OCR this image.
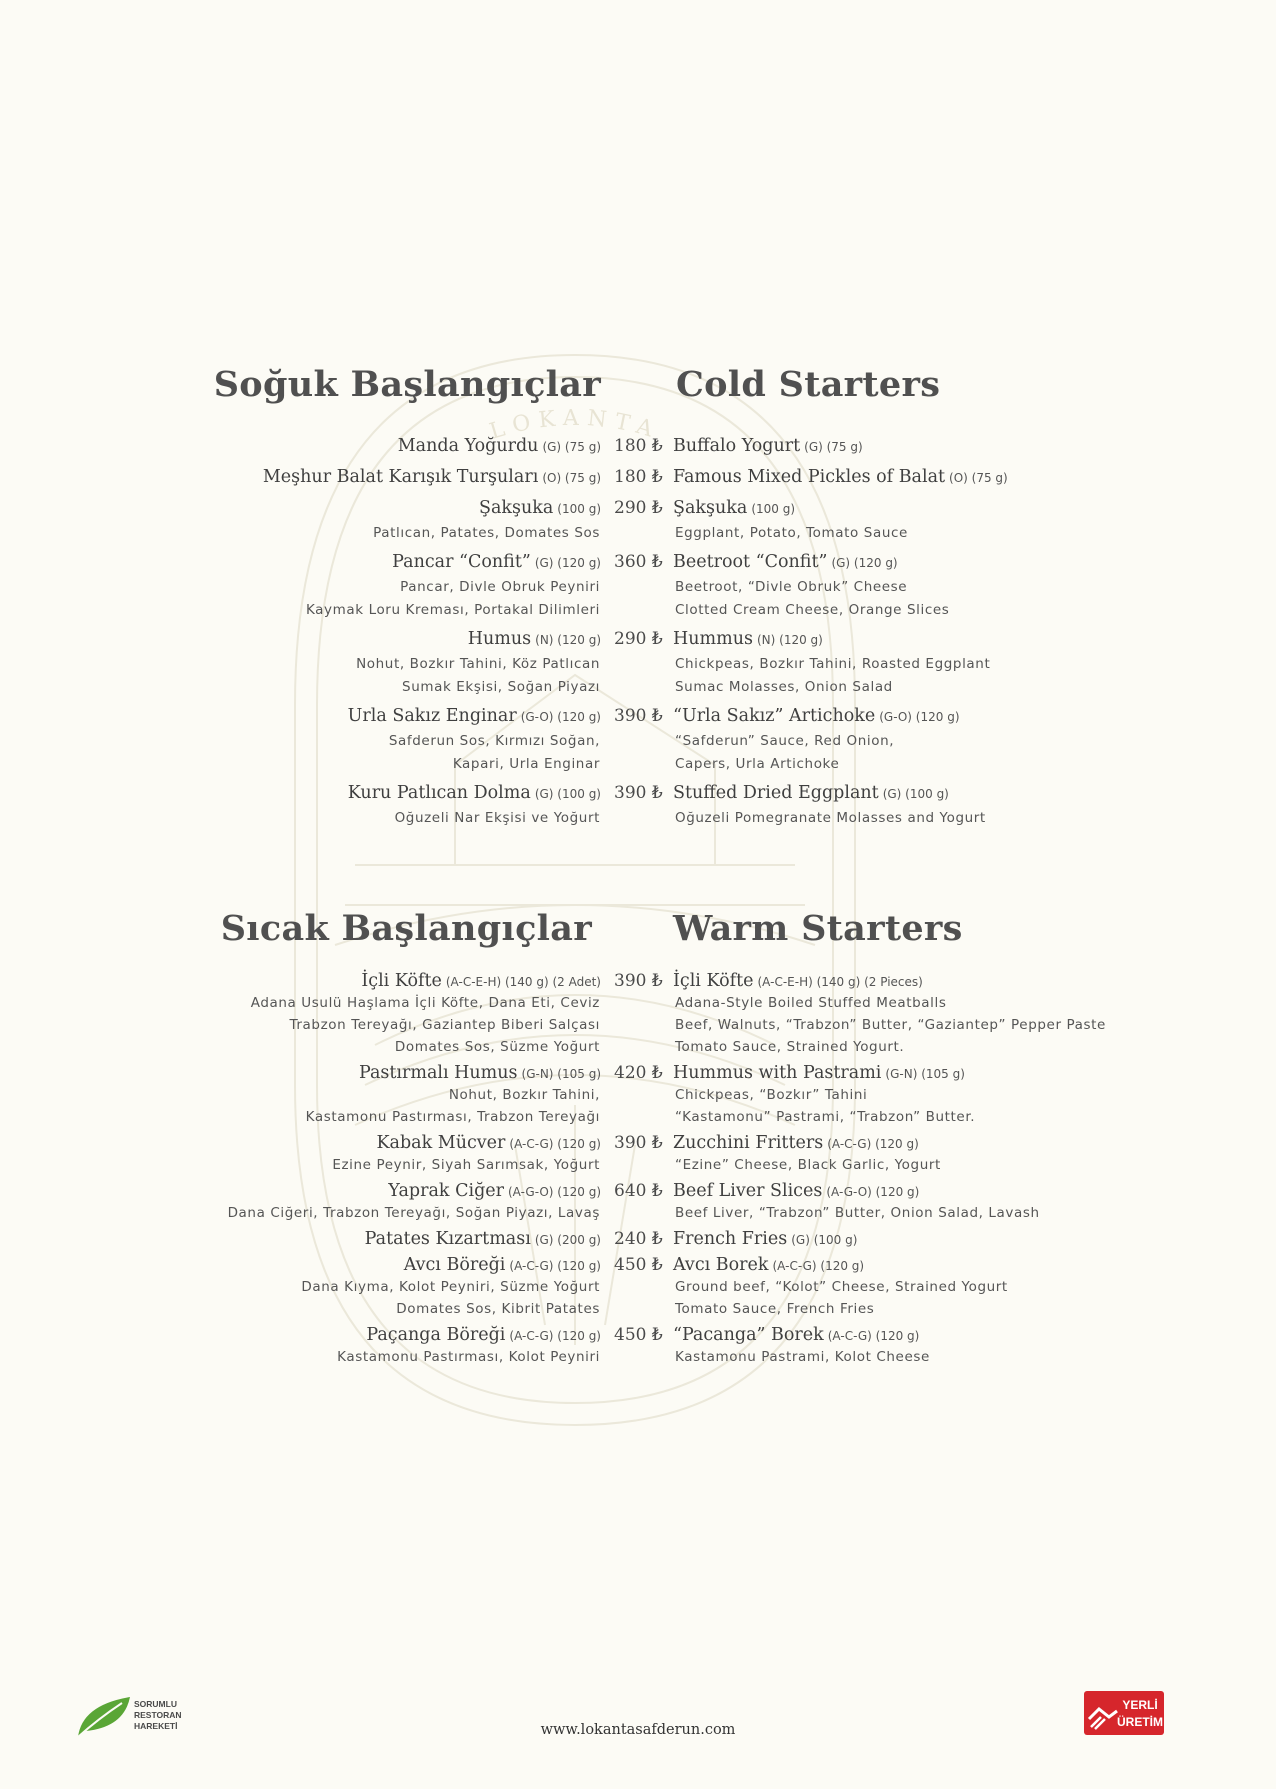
LOKANTA
Soğuk Başlangıçlar Cold Starters
Manda Yoğurdu (G) (75 g) 180 ₺ Buffalo Yogurt (G) (75 g)
Meşhur Balat Karışık Turşuları (O) (75 g) 180 ₺ Famous Mixed Pickles of Balat (O) (75 g)
Şakşuka (100 g) 290 ₺ Şakşuka (100 g)
Patlıcan, Patates, Domates Sos	Eggplant, Potato, Tomato Sauce
Pancar “Confit” (G) (120 g) 360 ₺ Beetroot “Confit” (G) (120 g)
Pancar, Divle Obruk Peyniri	Beetroot, “Divle Obruk” Cheese
Kaymak Loru Kreması, Portakal Dilimleri	Clotted Cream Cheese, Orange Slices
Humus (N) (120 g) 290 ₺ Hummus (N) (120 g)
Nohut, Bozkır Tahini, Köz Patlıcan	Chickpeas, Bozkır Tahini, Roasted Eggplant
Sumak Ekşisi, Soğan Piyazı	Sumac Molasses, Onion Salad
Urla Sakız Enginar (G-O) (120 g) 390 ₺ “Urla Sakız” Artichoke (G-O) (120 g)
Safderun Sos, Kırmızı Soğan,	“Safderun” Sauce, Red Onion,
Kapari, Urla Enginar	Capers, Urla Artichoke
Kuru Patlıcan Dolma (G) (100 g) 390 ₺ Stuffed Dried Eggplant (G) (100 g)
Oğuzeli Nar Ekşisi ve Yoğurt	Oğuzeli Pomegranate Molasses and Yogurt
Sıcak Başlangıçlar Warm Starters
İçli Köfte (A-C-E-H) (140 g) (2 Adet) 390 ₺ İçli Köfte (A-C-E-H) (140 g) (2 Pieces)
Adana Usulü Haşlama İçli Köfte, Dana Eti, Ceviz	Adana-Style Boiled Stuffed Meatballs
Trabzon Tereyağı, Gaziantep Biberi Salçası	Beef, Walnuts, “Trabzon” Butter, “Gaziantep” Pepper Paste
Domates Sos, Süzme Yoğurt	Tomato Sauce, Strained Yogurt.
Pastırmalı Humus (G-N) (105 g) 420 ₺ Hummus with Pastrami (G-N) (105 g)
Nohut, Bozkır Tahini,	Chickpeas, “Bozkır” Tahini
Kastamonu Pastırması, Trabzon Tereyağı	“Kastamonu” Pastrami, “Trabzon” Butter.
Kabak Mücver (A-C-G) (120 g) 390 ₺ Zucchini Fritters (A-C-G) (120 g)
Ezine Peynir, Siyah Sarımsak, Yoğurt	“Ezine” Cheese, Black Garlic, Yogurt
Yaprak Ciğer (A-G-O) (120 g) 640 ₺ Beef Liver Slices (A-G-O) (120 g)
Dana Ciğeri, Trabzon Tereyağı, Soğan Piyazı, Lavaş	Beef Liver, “Trabzon” Butter, Onion Salad, Lavash
Patates Kızartması (G) (200 g) 240 ₺ French Fries (G) (100 g)
Avcı Böreği (A-C-G) (120 g) 450 ₺ Avcı Borek (A-C-G) (120 g)
Dana Kıyma, Kolot Peyniri, Süzme Yoğurt	Ground beef, “Kolot” Cheese, Strained Yogurt
Domates Sos, Kibrit Patates	Tomato Sauce, French Fries
Paçanga Böreği (A-C-G) (120 g) 450 ₺ “Pacanga” Borek (A-C-G) (120 g)
Kastamonu Pastırması, Kolot Peyniri	Kastamonu Pastrami, Kolot Cheese
SORUMLU
RESTORAN
HAREKETİ	www.lokantasafderun.com
YERLİ
ÜRETİM
